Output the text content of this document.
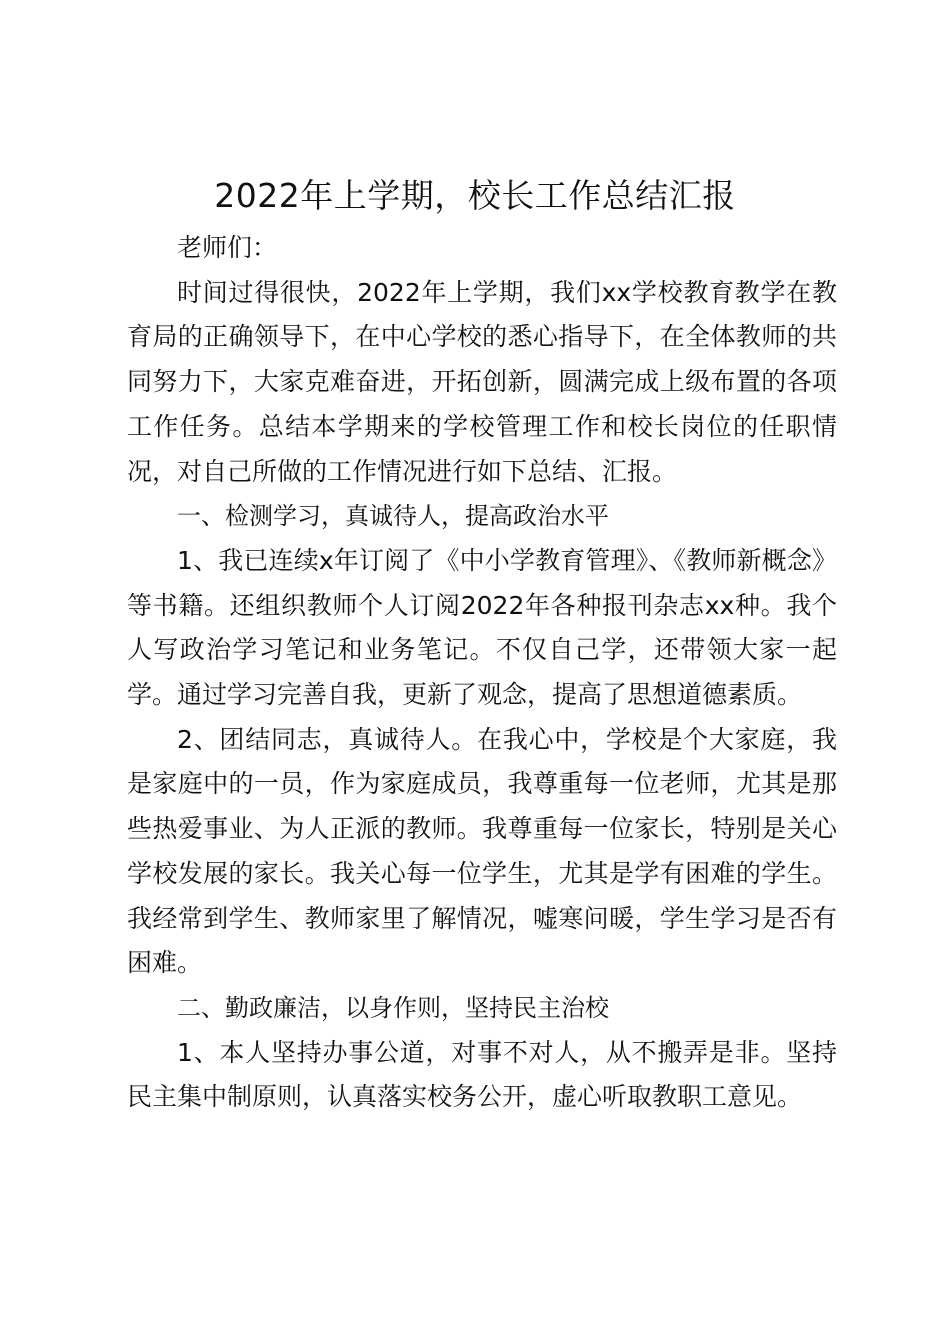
2022年上学期，校长工作总结汇报

老师们：

时间过得很快，2022年上学期，我们xx学校教育教学在教育局的正确领导下，在中心学校的悉心指导下，在全体教师的共同努力下，大家克难奋进，开拓创新，圆满完成上级布置的各项工作任务。总结本学期来的学校管理工作和校长岗位的任职情况，对自己所做的工作情况进行如下总结、汇报。

一、检测学习，真诚待人，提高政治水平

1、我已连续x年订阅了《中小学教育管理》、《教师新概念》等书籍。还组织教师个人订阅2022年各种报刊杂志xx种。我个人写政治学习笔记和业务笔记。不仅自己学，还带领大家一起学。通过学习完善自我，更新了观念，提高了思想道德素质。

2、团结同志，真诚待人。在我心中，学校是个大家庭，我是家庭中的一员，作为家庭成员，我尊重每一位老师，尤其是那些热爱事业、为人正派的教师。我尊重每一位家长，特别是关心学校发展的家长。我关心每一位学生，尤其是学有困难的学生。我经常到学生、教师家里了解情况，嘘寒问暖，学生学习是否有困难。

二、勤政廉洁，以身作则，坚持民主治校

1、本人坚持办事公道，对事不对人，从不搬弄是非。坚持民主集中制原则，认真落实校务公开，虚心听取教职工意见。
